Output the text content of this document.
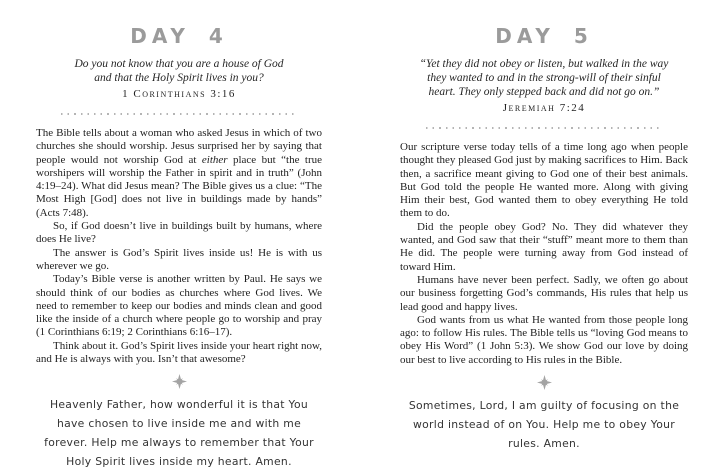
DAY 4
Do you not know that you are a house of God
and that the Holy Spirit lives in you?
1 Corinthians 3:16

The Bible tells about a woman who asked Jesus in which of two churches she should worship. Jesus surprised her by saying that people would not worship God at either place but “the true worshipers will worship the Father in spirit and in truth” (John 4:19–24). What did Jesus mean? The Bible gives us a clue: “The Most High [God] does not live in buildings made by hands” (Acts 7:48).

So, if God doesn’t live in buildings built by humans, where does He live?

The answer is God’s Spirit lives inside us! He is with us wherever we go.

Today’s Bible verse is another written by Paul. He says we should think of our bodies as churches where God lives. We need to remember to keep our bodies and minds clean and good like the inside of a church where people go to worship and pray (1 Corinthians 6:19; 2 Corinthians 6:16–17).

Think about it. God’s Spirit lives inside your heart right now, and He is always with you. Isn’t that awesome?

Heavenly Father, how wonderful it is that You have chosen to live inside me and with me forever. Help me always to remember that Your Holy Spirit lives inside my heart. Amen.
DAY 5
“Yet they did not obey or listen, but walked in the way
they wanted to and in the strong-will of their sinful
heart. They only stepped back and did not go on.”
Jeremiah 7:24

Our scripture verse today tells of a time long ago when people thought they pleased God just by making sacrifices to Him. Back then, a sacrifice meant giving to God one of their best animals. But God told the people He wanted more. Along with giving Him their best, God wanted them to obey everything He told them to do.

Did the people obey God? No. They did whatever they wanted, and God saw that their “stuff” meant more to them than He did. The people were turning away from God instead of toward Him.

Humans have never been perfect. Sadly, we often go about our business forgetting God’s commands, His rules that help us lead good and happy lives.

God wants from us what He wanted from those people long ago: to follow His rules. The Bible tells us “loving God means to obey His Word” (1 John 5:3). We show God our love by doing our best to live according to His rules in the Bible.

Sometimes, Lord, I am guilty of focusing on the world instead of on You. Help me to obey Your rules. Amen.
